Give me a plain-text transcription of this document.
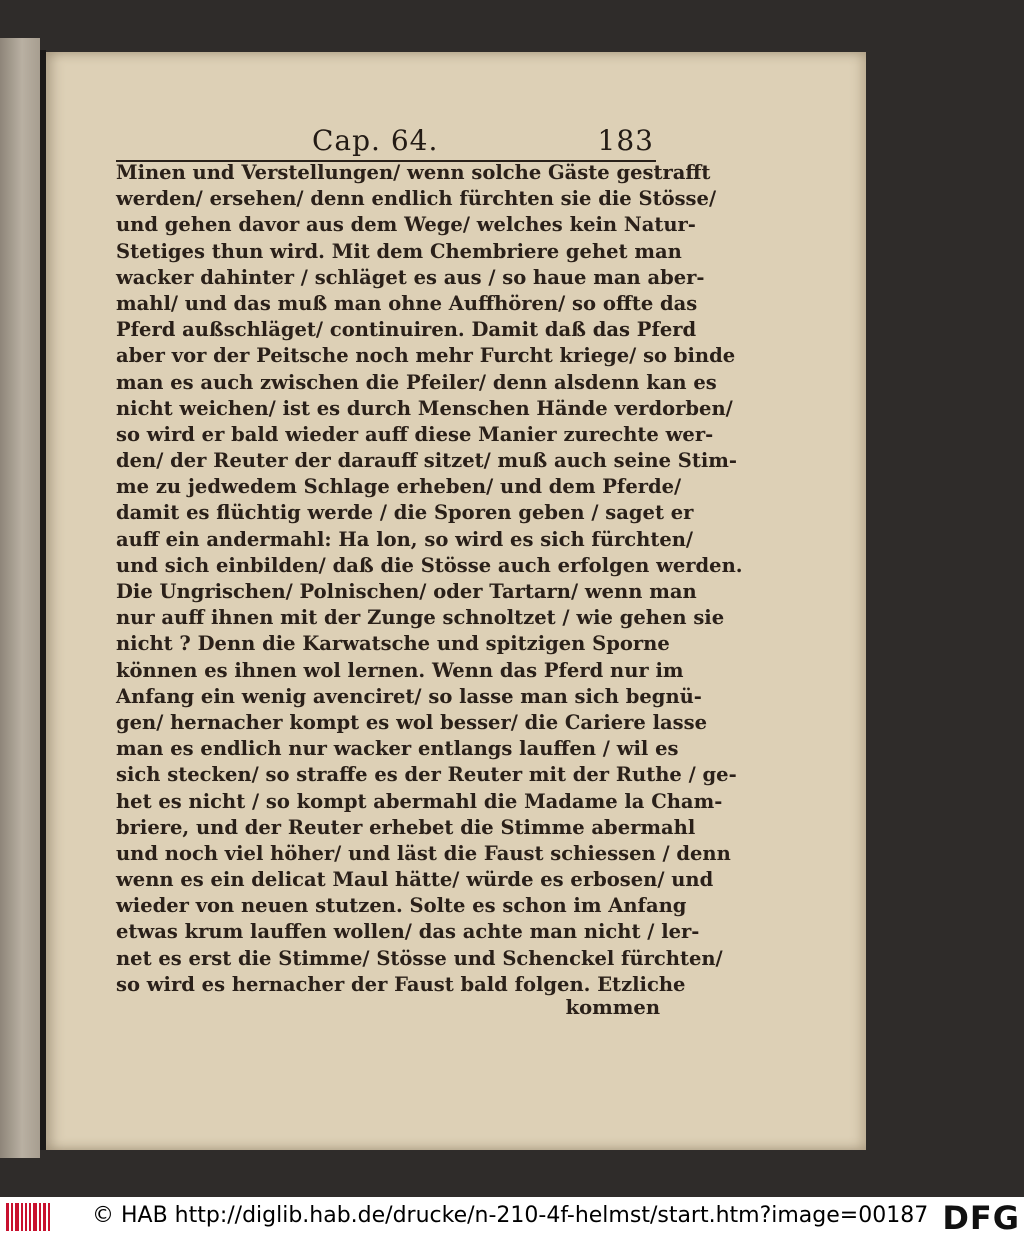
Cap. 64.	183
Minen und Verstellungen/ wenn solche Gäste gestrafft
werden/ ersehen/ denn endlich fürchten sie die Stösse/
und gehen davor aus dem Wege/ welches kein Natur-
Stetiges thun wird. Mit dem Chembriere gehet man
wacker dahinter / schläget es aus / so haue man aber-
mahl/ und das muß man ohne Auffhören/ so offte das
Pferd außschläget/ continuiren. Damit daß das Pferd
aber vor der Peitsche noch mehr Furcht kriege/ so binde
man es auch zwischen die Pfeiler/ denn alsdenn kan es
nicht weichen/ ist es durch Menschen Hände verdorben/
so wird er bald wieder auff diese Manier zurechte wer-
den/ der Reuter der darauff sitzet/ muß auch seine Stim-
me zu jedwedem Schlage erheben/ und dem Pferde/
damit es flüchtig werde / die Sporen geben / saget er
auff ein andermahl: Ha lon, so wird es sich fürchten/
und sich einbilden/ daß die Stösse auch erfolgen werden.
Die Ungrischen/ Polnischen/ oder Tartarn/ wenn man
nur auff ihnen mit der Zunge schnoltzet / wie gehen sie
nicht ? Denn die Karwatsche und spitzigen Sporne
können es ihnen wol lernen. Wenn das Pferd nur im
Anfang ein wenig avenciret/ so lasse man sich begnü-
gen/ hernacher kompt es wol besser/ die Cariere lasse
man es endlich nur wacker entlangs lauffen / wil es
sich stecken/ so straffe es der Reuter mit der Ruthe / ge-
het es nicht / so kompt abermahl die Madame la Cham-
briere, und der Reuter erhebet die Stimme abermahl
und noch viel höher/ und läst die Faust schiessen / denn
wenn es ein delicat Maul hätte/ würde es erbosen/ und
wieder von neuen stutzen. Solte es schon im Anfang
etwas krum lauffen wollen/ das achte man nicht / ler-
net es erst die Stimme/ Stösse und Schenckel fürchten/
so wird es hernacher der Faust bald folgen. Etzliche
kommen
© HAB http://diglib.hab.de/drucke/n-210-4f-helmst/start.htm?image=00187 DFG
